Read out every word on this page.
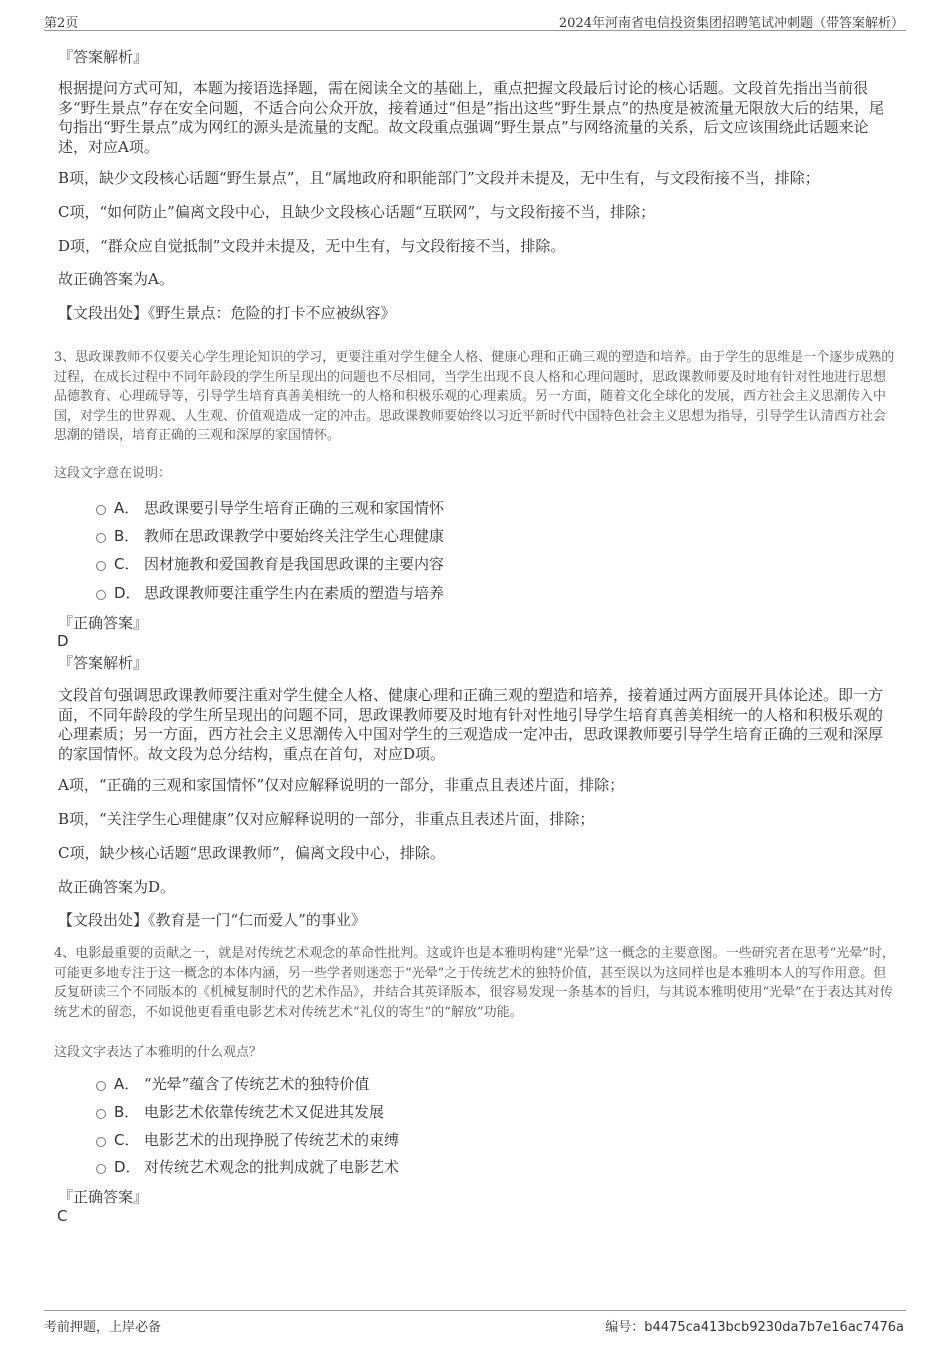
第2页	2024年河南省电信投资集团招聘笔试冲刺题（带答案解析）
『答案解析』
根据提问方式可知，本题为接语选择题，需在阅读全文的基础上，重点把握文段最后讨论的核心话题。文段首先指出当前很多“野生景点”存在安全问题，不适合向公众开放，接着通过“但是”指出这些“野生景点”的热度是被流量无限放大后的结果，尾句指出“野生景点”成为网红的源头是流量的支配。故文段重点强调“野生景点”与网络流量的关系，后文应该围绕此话题来论述，对应A项。
B项，缺少文段核心话题“野生景点”，且“属地政府和职能部门”文段并未提及，无中生有，与文段衔接不当，排除；
C项，“如何防止”偏离文段中心，且缺少文段核心话题“互联网”，与文段衔接不当，排除；
D项，“群众应自觉抵制”文段并未提及，无中生有，与文段衔接不当，排除。
故正确答案为A。
【文段出处】《野生景点：危险的打卡不应被纵容》
3、思政课教师不仅要关心学生理论知识的学习，更要注重对学生健全人格、健康心理和正确三观的塑造和培养。由于学生的思维是一个逐步成熟的过程，在成长过程中不同年龄段的学生所呈现出的问题也不尽相同，当学生出现不良人格和心理问题时，思政课教师要及时地有针对性地进行思想品德教育、心理疏导等，引导学生培育真善美相统一的人格和积极乐观的心理素质。另一方面，随着文化全球化的发展，西方社会主义思潮传入中国，对学生的世界观、人生观、价值观造成一定的冲击。思政课教师要始终以习近平新时代中国特色社会主义思想为指导，引导学生认清西方社会思潮的错误，培育正确的三观和深厚的家国情怀。
这段文字意在说明：
A． 思政课要引导学生培育正确的三观和家国情怀
B． 教师在思政课教学中要始终关注学生心理健康
C． 因材施教和爱国教育是我国思政课的主要内容
D． 思政课教师要注重学生内在素质的塑造与培养
『正确答案』
D
『答案解析』
文段首句强调思政课教师要注重对学生健全人格、健康心理和正确三观的塑造和培养，接着通过两方面展开具体论述。即一方面，不同年龄段的学生所呈现出的问题不同，思政课教师要及时地有针对性地引导学生培育真善美相统一的人格和积极乐观的心理素质；另一方面，西方社会主义思潮传入中国对学生的三观造成一定冲击，思政课教师要引导学生培育正确的三观和深厚的家国情怀。故文段为总分结构，重点在首句，对应D项。
A项，“正确的三观和家国情怀”仅对应解释说明的一部分，非重点且表述片面，排除；
B项，“关注学生心理健康”仅对应解释说明的一部分，非重点且表述片面，排除；
C项，缺少核心话题“思政课教师”，偏离文段中心，排除。
故正确答案为D。
【文段出处】《教育是一门“仁而爱人”的事业》
4、电影最重要的贡献之一，就是对传统艺术观念的革命性批判。这或许也是本雅明构建“光晕”这一概念的主要意图。一些研究者在思考“光晕”时，可能更多地专注于这一概念的本体内涵，另一些学者则迷恋于“光晕”之于传统艺术的独特价值，甚至误以为这同样也是本雅明本人的写作用意。但反复研读三个不同版本的《机械复制时代的艺术作品》，并结合其英译版本，很容易发现一条基本的旨归，与其说本雅明使用“光晕”在于表达其对传统艺术的留恋，不如说他更看重电影艺术对传统艺术“礼仪的寄生”的“解放”功能。
这段文字表达了本雅明的什么观点？
A． “光晕”蕴含了传统艺术的独特价值
B． 电影艺术依靠传统艺术又促进其发展
C． 电影艺术的出现挣脱了传统艺术的束缚
D． 对传统艺术观念的批判成就了电影艺术
『正确答案』
C
考前押题，上岸必备	编号：b4475ca413bcb9230da7b7e16ac7476a
